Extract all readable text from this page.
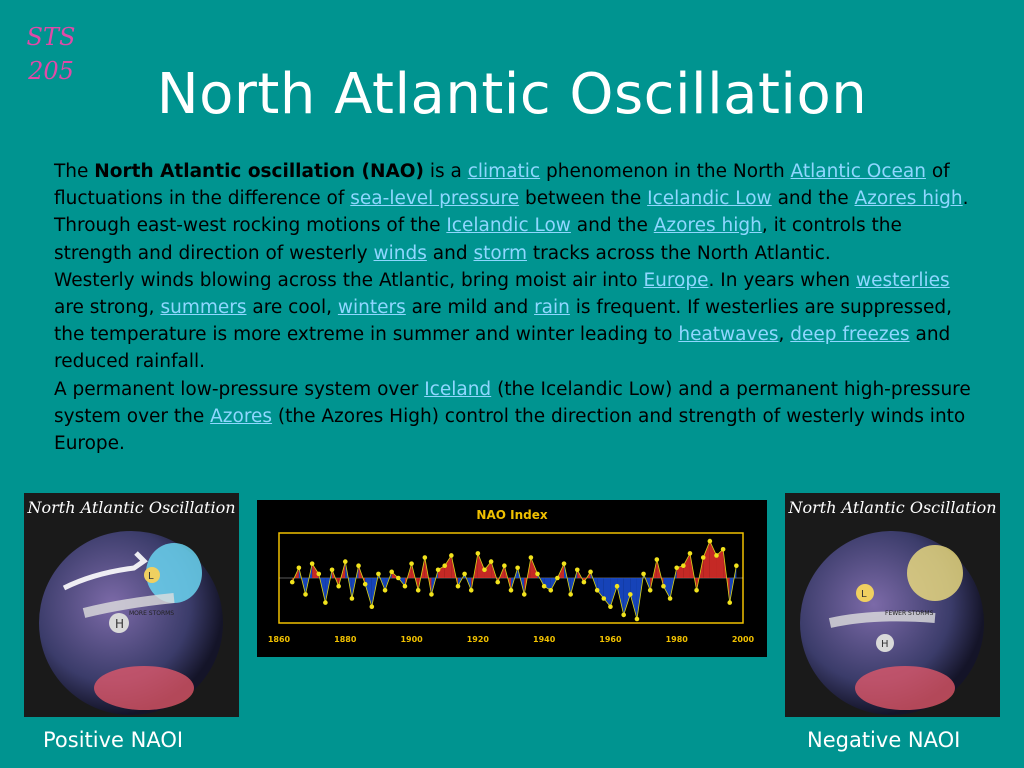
STS
205	North Atlantic Oscillation

The North Atlantic oscillation (NAO) is a climatic phenomenon in the North Atlantic Ocean of fluctuations in the difference of sea-level pressure between the Icelandic Low and the Azores high. Through east-west rocking motions of the Icelandic Low and the Azores high, it controls the strength and direction of westerly winds and storm tracks across the North Atlantic.

Westerly winds blowing across the Atlantic, bring moist air into Europe. In years when westerlies are strong, summers are cool, winters are mild and rain is frequent. If westerlies are suppressed, the temperature is more extreme in summer and winter leading to heatwaves, deep freezes and reduced rainfall.

A permanent low-pressure system over Iceland (the Icelandic Low) and a permanent high-pressure system over the Azores (the Azores High) control the direction and strength of westerly winds into Europe.

North Atlantic Oscillation
H
L
MORE STORMS
Positive NAOI
NAO Index
1860	1880	1900	1920	1940	1960	1980	2000
North Atlantic Oscillation
L
H
FEWER STORMS
Negative NAOI
